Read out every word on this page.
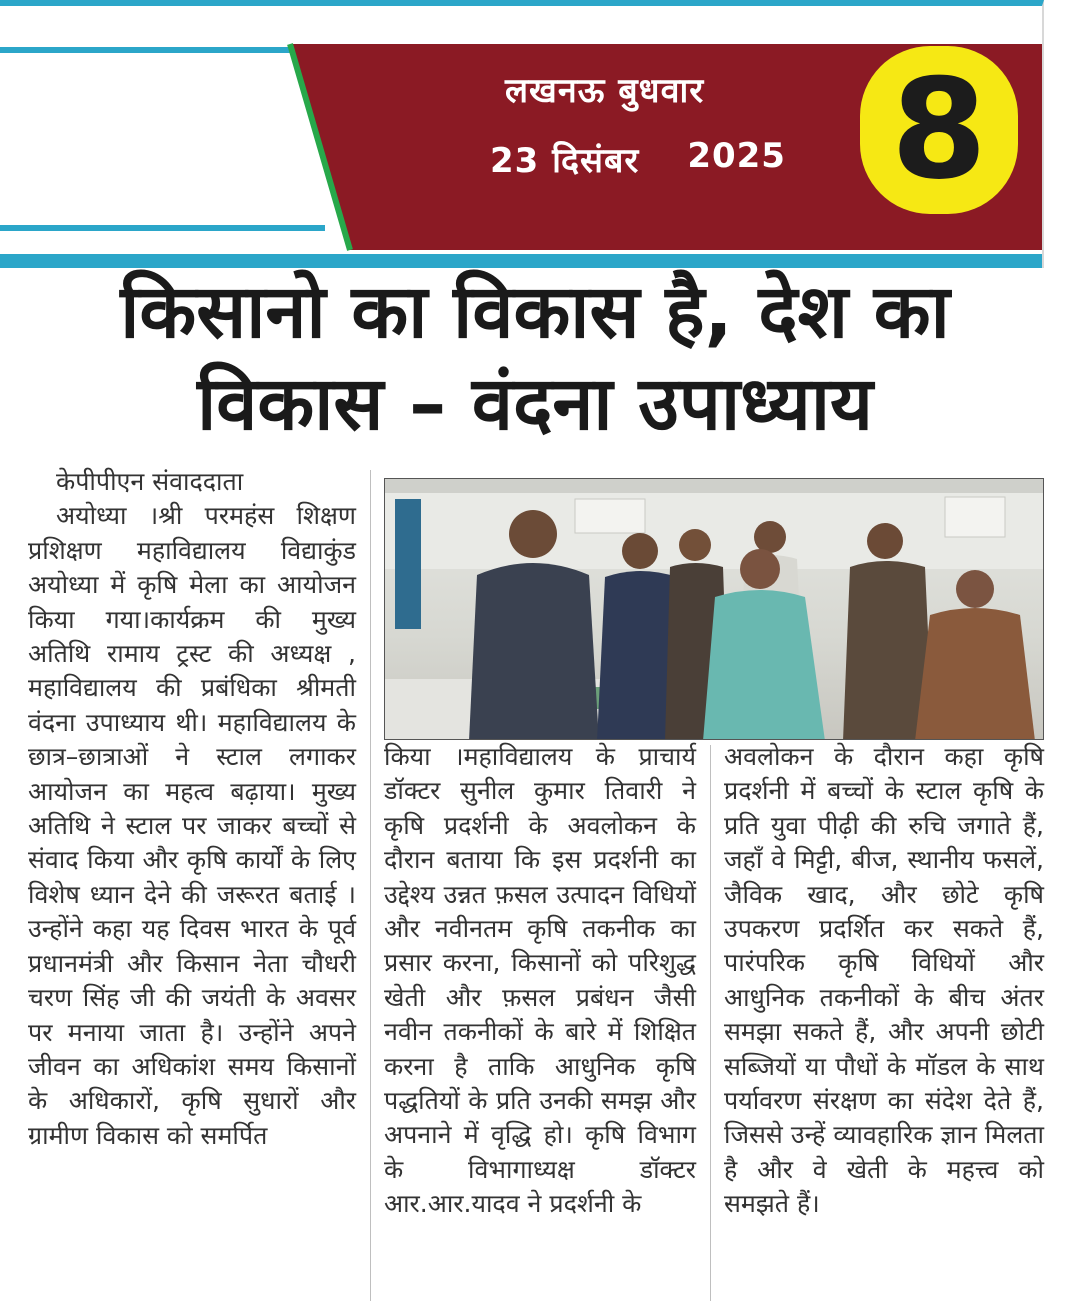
लखनऊ बुधवार
23 दिसंबर 2025 8
किसानो का विकास है, देश का
विकास – वंदना उपाध्याय

केपीपीएन संवाददाता

अयोध्या ।श्री परमहंस शिक्षण प्रशिक्षण महाविद्यालय विद्याकुंड अयोध्या में कृषि मेला का आयोजन किया गया।कार्यक्रम की मुख्य अतिथि रामाय ट्रस्ट की अध्यक्ष , महाविद्यालय की प्रबंधिका श्रीमती वंदना उपाध्याय थी। महाविद्यालय के छात्र–छात्राओं ने स्टाल लगाकर आयोजन का महत्व बढ़ाया। मुख्य अतिथि ने स्टाल पर जाकर बच्चों से संवाद किया और कृषि कार्यों के लिए विशेष ध्यान देने की जरूरत बताई ।उन्होंने कहा यह दिवस भारत के पूर्व प्रधानमंत्री और किसान नेता चौधरी चरण सिंह जी की जयंती के अवसर पर मनाया जाता है। उन्होंने अपने जीवन का अधिकांश समय किसानों के अधिकारों, कृषि सुधारों और ग्रामीण विकास को समर्पित

किया ।महाविद्यालय के प्राचार्य डॉक्टर सुनील कुमार तिवारी ने कृषि प्रदर्शनी के अवलोकन के दौरान बताया कि इस प्रदर्शनी का उद्देश्य उन्नत फ़सल उत्पादन विधियों और नवीनतम कृषि तकनीक का प्रसार करना, किसानों को परिशुद्ध खेती और फ़सल प्रबंधन जैसी नवीन तकनीकों के बारे में शिक्षित करना है ताकि आधुनिक कृषि पद्धतियों के प्रति उनकी समझ और अपनाने में वृद्धि हो। कृषि विभाग के विभागाध्यक्ष डॉक्टर आर.आर.यादव ने प्रदर्शनी के

अवलोकन के दौरान कहा कृषि प्रदर्शनी में बच्चों के स्टाल कृषि के प्रति युवा पीढ़ी की रुचि जगाते हैं, जहाँ वे मिट्टी, बीज, स्थानीय फसलें, जैविक खाद, और छोटे कृषि उपकरण प्रदर्शित कर सकते हैं, पारंपरिक कृषि विधियों और आधुनिक तकनीकों के बीच अंतर समझा सकते हैं, और अपनी छोटी सब्जियों या पौधों के मॉडल के साथ पर्यावरण संरक्षण का संदेश देते हैं, जिससे उन्हें व्यावहारिक ज्ञान मिलता है और वे खेती के महत्त्व को समझते हैं।
